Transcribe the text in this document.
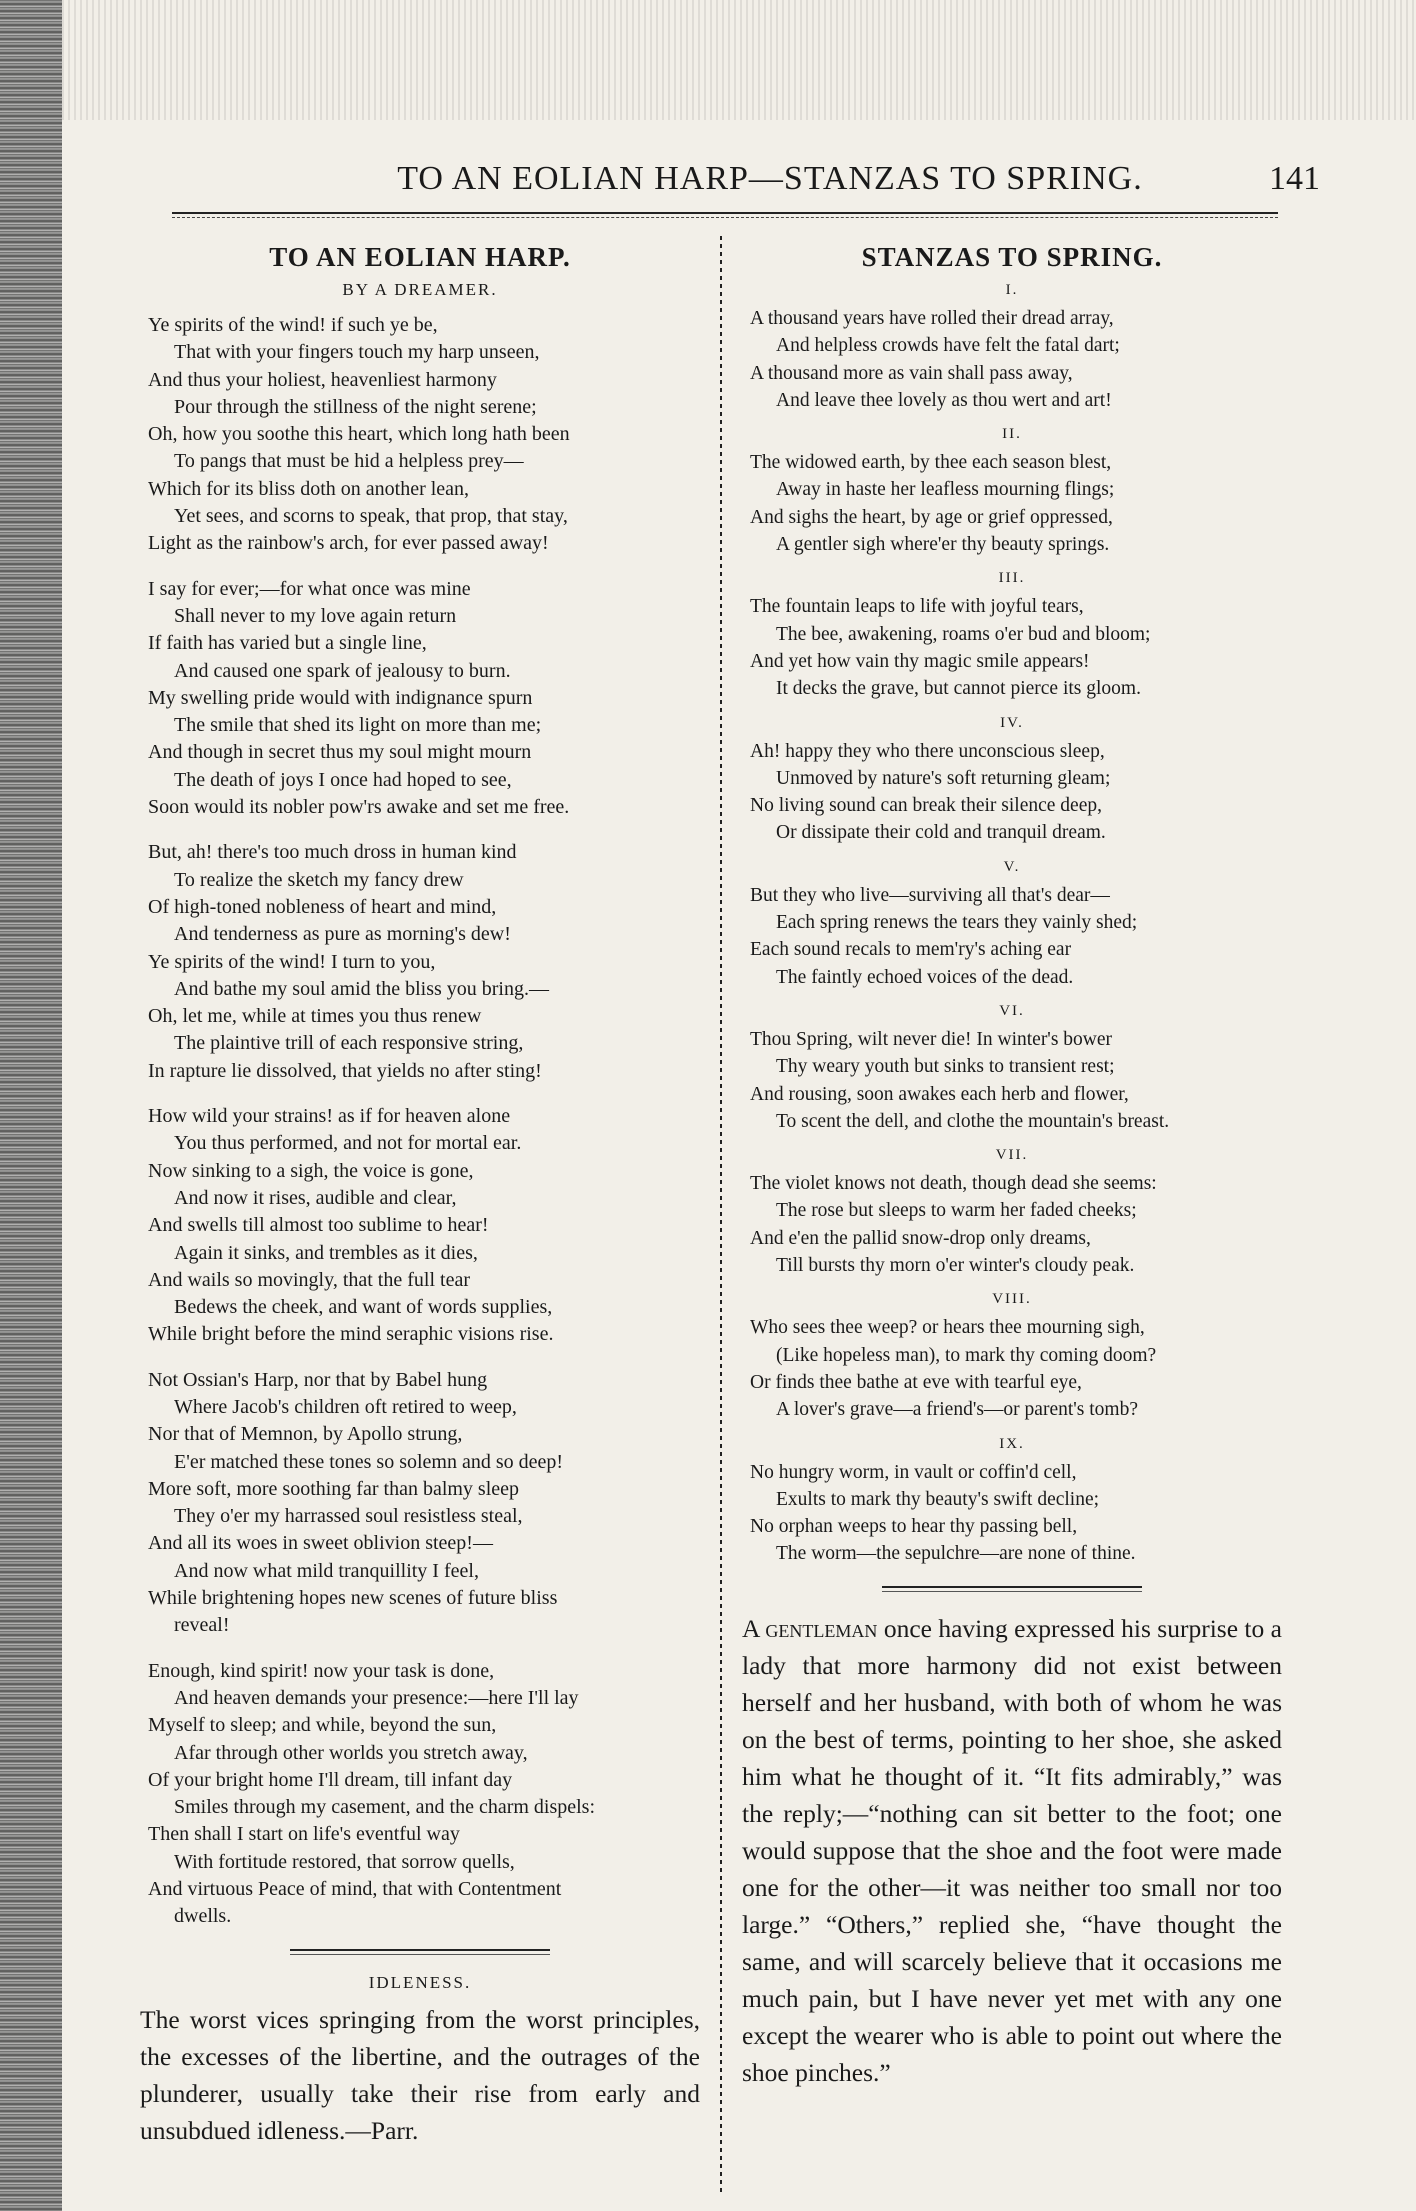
TO AN EOLIAN HARP—STANZAS TO SPRING.	141
TO AN EOLIAN HARP.
BY A DREAMER.
Ye spirits of the wind! if such ye be,
That with your fingers touch my harp unseen,
And thus your holiest, heavenliest harmony
Pour through the stillness of the night serene;
Oh, how you soothe this heart, which long hath been
To pangs that must be hid a helpless prey—
Which for its bliss doth on another lean,
Yet sees, and scorns to speak, that prop, that stay,
Light as the rainbow's arch, for ever passed away!
I say for ever;—for what once was mine
Shall never to my love again return
If faith has varied but a single line,
And caused one spark of jealousy to burn.
My swelling pride would with indignance spurn
The smile that shed its light on more than me;
And though in secret thus my soul might mourn
The death of joys I once had hoped to see,
Soon would its nobler pow'rs awake and set me free.
But, ah! there's too much dross in human kind
To realize the sketch my fancy drew
Of high-toned nobleness of heart and mind,
And tenderness as pure as morning's dew!
Ye spirits of the wind! I turn to you,
And bathe my soul amid the bliss you bring.—
Oh, let me, while at times you thus renew
The plaintive trill of each responsive string,
In rapture lie dissolved, that yields no after sting!
How wild your strains! as if for heaven alone
You thus performed, and not for mortal ear.
Now sinking to a sigh, the voice is gone,
And now it rises, audible and clear,
And swells till almost too sublime to hear!
Again it sinks, and trembles as it dies,
And wails so movingly, that the full tear
Bedews the cheek, and want of words supplies,
While bright before the mind seraphic visions rise.
Not Ossian's Harp, nor that by Babel hung
Where Jacob's children oft retired to weep,
Nor that of Memnon, by Apollo strung,
E'er matched these tones so solemn and so deep!
More soft, more soothing far than balmy sleep
They o'er my harrassed soul resistless steal,
And all its woes in sweet oblivion steep!—
And now what mild tranquillity I feel,
While brightening hopes new scenes of future bliss
reveal!
Enough, kind spirit! now your task is done,
And heaven demands your presence:—here I'll lay
Myself to sleep; and while, beyond the sun,
Afar through other worlds you stretch away,
Of your bright home I'll dream, till infant day
Smiles through my casement, and the charm dispels:
Then shall I start on life's eventful way
With fortitude restored, that sorrow quells,
And virtuous Peace of mind, that with Contentment
dwells.
IDLENESS.

The worst vices springing from the worst principles, the excesses of the libertine, and the outrages of the plunderer, usually take their rise from early and unsubdued idleness.—Parr.

STANZAS TO SPRING.
I.
A thousand years have rolled their dread array,
And helpless crowds have felt the fatal dart;
A thousand more as vain shall pass away,
And leave thee lovely as thou wert and art!
II.
The widowed earth, by thee each season blest,
Away in haste her leafless mourning flings;
And sighs the heart, by age or grief oppressed,
A gentler sigh where'er thy beauty springs.
III.
The fountain leaps to life with joyful tears,
The bee, awakening, roams o'er bud and bloom;
And yet how vain thy magic smile appears!
It decks the grave, but cannot pierce its gloom.
IV.
Ah! happy they who there unconscious sleep,
Unmoved by nature's soft returning gleam;
No living sound can break their silence deep,
Or dissipate their cold and tranquil dream.
V.
But they who live—surviving all that's dear—
Each spring renews the tears they vainly shed;
Each sound recals to mem'ry's aching ear
The faintly echoed voices of the dead.
VI.
Thou Spring, wilt never die! In winter's bower
Thy weary youth but sinks to transient rest;
And rousing, soon awakes each herb and flower,
To scent the dell, and clothe the mountain's breast.
VII.
The violet knows not death, though dead she seems:
The rose but sleeps to warm her faded cheeks;
And e'en the pallid snow-drop only dreams,
Till bursts thy morn o'er winter's cloudy peak.
VIII.
Who sees thee weep? or hears thee mourning sigh,
(Like hopeless man), to mark thy coming doom?
Or finds thee bathe at eve with tearful eye,
A lover's grave—a friend's—or parent's tomb?
IX.
No hungry worm, in vault or coffin'd cell,
Exults to mark thy beauty's swift decline;
No orphan weeps to hear thy passing bell,
The worm—the sepulchre—are none of thine.

A gentleman once having expressed his surprise to a lady that more harmony did not exist between herself and her husband, with both of whom he was on the best of terms, pointing to her shoe, she asked him what he thought of it. “It fits admirably,” was the reply;—“nothing can sit better to the foot; one would suppose that the shoe and the foot were made one for the other—it was neither too small nor too large.” “Others,” replied she, “have thought the same, and will scarcely believe that it occasions me much pain, but I have never yet met with any one except the wearer who is able to point out where the shoe pinches.”
